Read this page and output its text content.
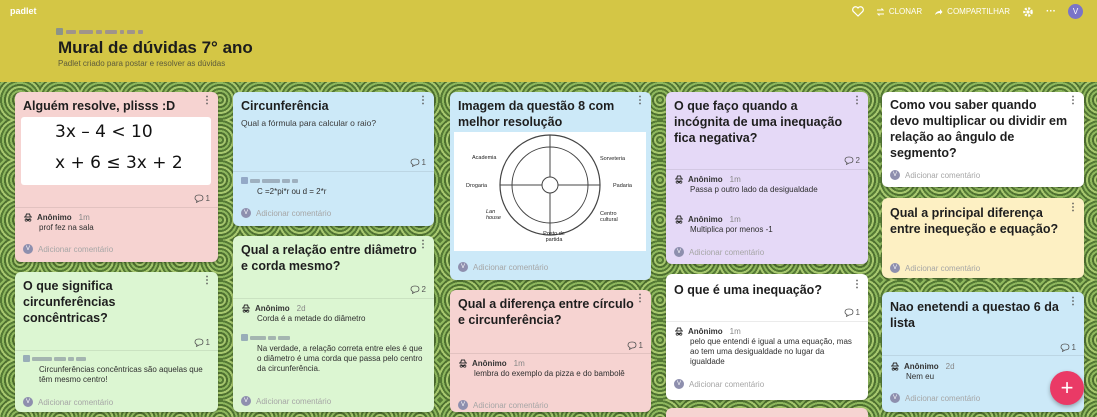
padlet	CLONAR	COMPARTILHAR	···	V
Mural de dúvidas 7° ano
Padlet criado para postar e resolver as dúvidas
Alguém resolve, plisss :D	⋮
3x – 4 < 10
x + 6 ≤ 3x + 2
1
Anônimo 1m
prof fez na sala
V	Adicionar comentário
O que significa circunferências concêntricas?
⋮
1
Circunferências concêntricas são aquelas que têm mesmo centro!
V	Adicionar comentário
Circunferência	⋮
Qual a fórmula para calcular o raio?
1
C =2*pi*r ou d = 2*r
V	Adicionar comentário
Qual a relação entre diâmetro e corda mesmo?
⋮
2
Anônimo 2d
Corda é a metade do diâmetro
Na verdade, a relação correta entre eles é que o diâmetro é uma corda que passa pelo centro da circunferência.
V	Adicionar comentário
Imagem da questão 8 com melhor resolução
⋮
Academia	Sorveteria
Drogaria	Padaria
Lan house
Centro cultural
Posto de partida
V	Adicionar comentário
Qual a diferença entre círculo e circunferência?
⋮
1
Anônimo 1m
lembra do exemplo da pizza e do bambolê
V	Adicionar comentário
O que faço quando a incógnita de uma inequação fica negativa?
⋮
2
Anônimo 1m
Passa p outro lado da desigualdade
Anônimo 1m
Multiplica por menos -1
V	Adicionar comentário
O que é uma inequação?	⋮
1
Anônimo 1m
pelo que entendi é igual a uma equação, mas ao tem uma desigualdade no lugar da igualdade
V	Adicionar comentário
Como vou saber quando devo multiplicar ou dividir em relação ao ângulo de segmento?
⋮
V	Adicionar comentário
Qual a principal diferença entre inequeção e equação?
⋮
V	Adicionar comentário
Nao enetendi a questao 6 da lista
⋮
1
Anônimo 2d
Nem eu
V	Adicionar comentário	+
